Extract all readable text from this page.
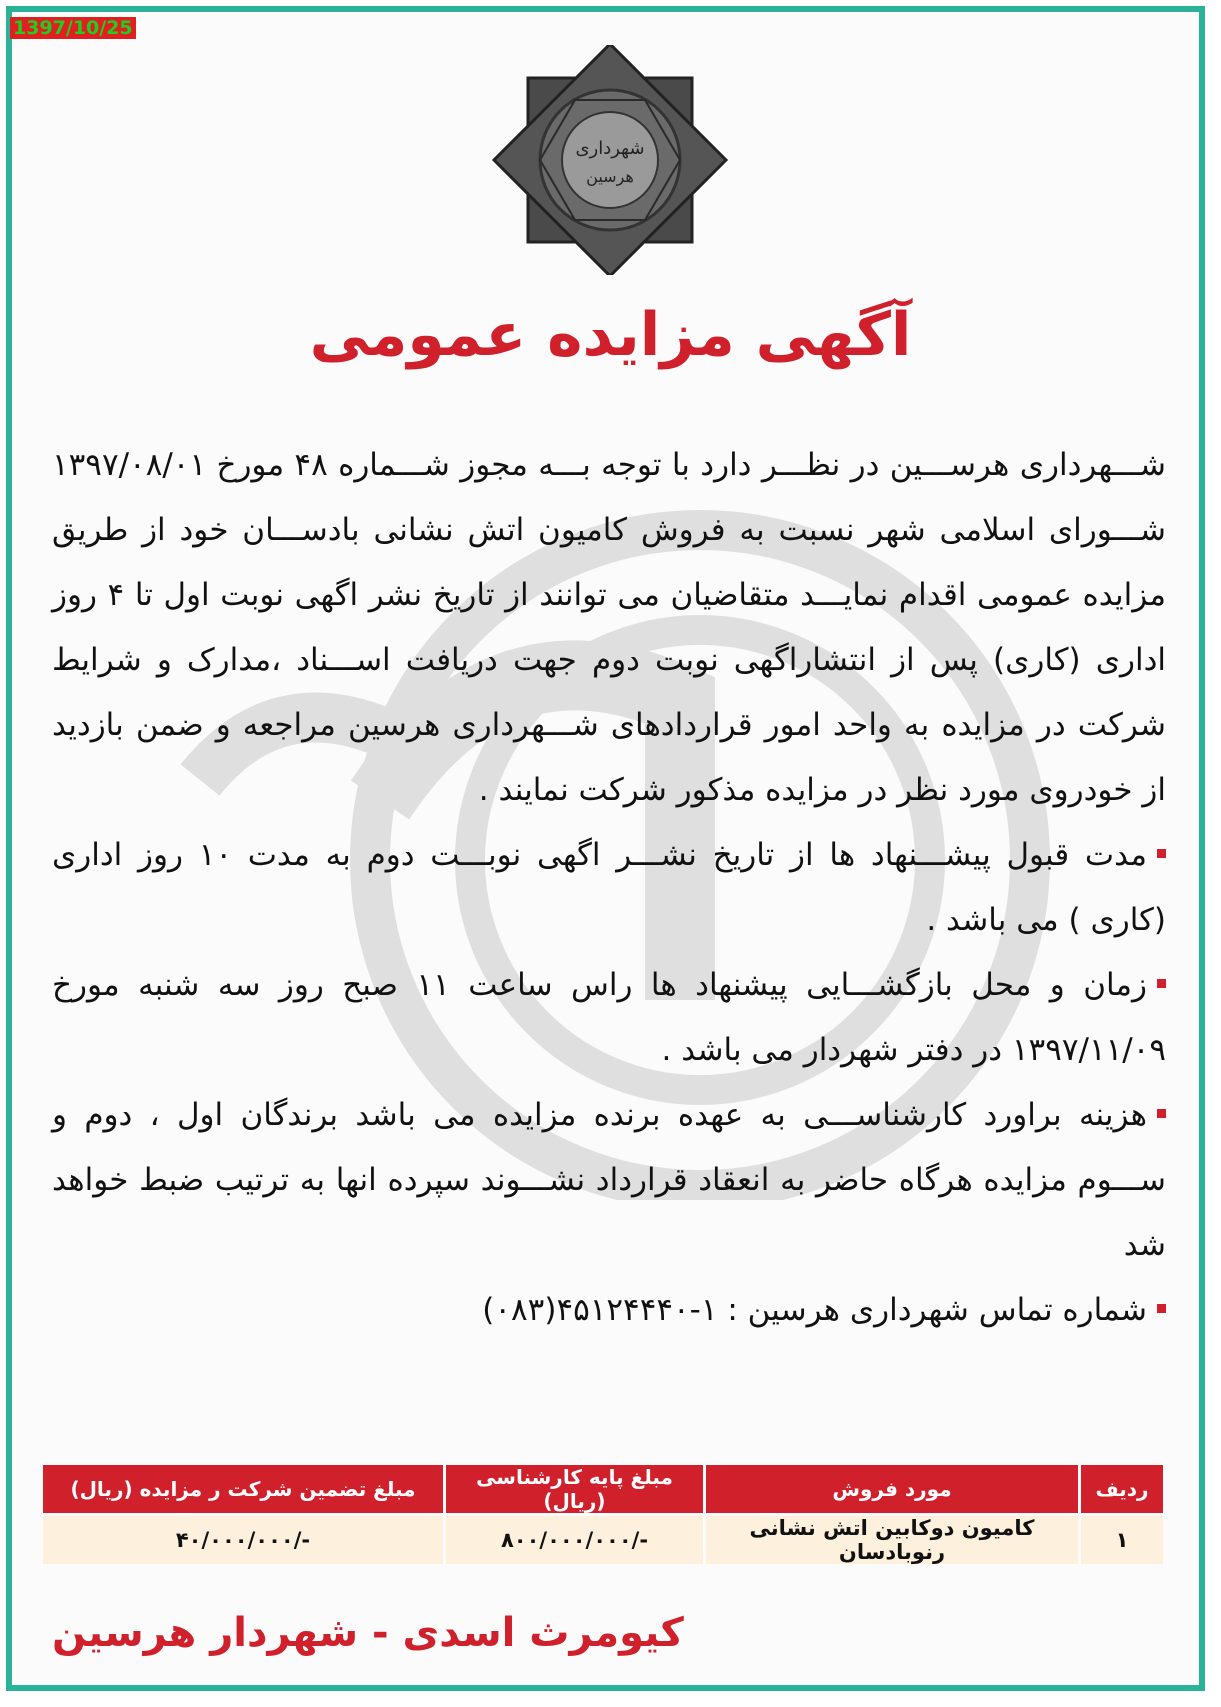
1397/10/25
شهرداری
هرسین
آگهی مزایده عمومی

شـــهرداری هرســـین در نظـــر دارد با توجه بـــه مجوز شـــماره ۴۸ مورخ ۱۳۹۷/۰۸/۰۱ شـــورای اسلامی شهر نسبت به فروش کامیون اتش نشانی بادســـان خود از طریق مزایده عمومی اقدام نمایـــد متقاضیان می توانند از تاریخ نشر اگهی نوبت اول تا ۴ روز اداری (کاری) پس از انتشاراگهی نوبت دوم جهت دریافت اســـناد ،مدارک و شرایط شرکت در مزایده به واحد امور قراردادهای شـــهرداری هرسین مراجعه و ضمن بازدید از خودروی مورد نظر در مزایده مذکور شرکت نمایند .

مدت قبول پیشـــنهاد ها از تاریخ نشـــر اگهی نوبـــت دوم به مدت ۱۰ روز اداری (کاری ) می باشد .

زمان و محل بازگشـــایی پیشنهاد ها راس ساعت ۱۱ صبح روز سه شنبه مورخ ۱۳۹۷/۱۱/۰۹ در دفتر شهردار می باشد .

هزینه براورد کارشناســـی به عهده برنده مزایده می باشد برندگان اول ، دوم و ســـوم مزایده هرگاه حاضر به انعقاد قرارداد نشـــوند سپرده انها به ترتیب ضبط خواهد شد

شماره تماس شهرداری هرسین : ۱-۴۵۱۲۴۴۴۰(۰۸۳)

ردیف	مورد فروش	مبلغ پایه کارشناسی (ریال)	مبلغ تضمین شرکت ر مزایده (ریال)
۱	کامیون دوکابین اتش نشانی رنوبادسان	-/۸۰۰/۰۰۰/۰۰۰	-/۴۰/۰۰۰/۰۰۰
کیومرث اسدی - شهردار هرسین
